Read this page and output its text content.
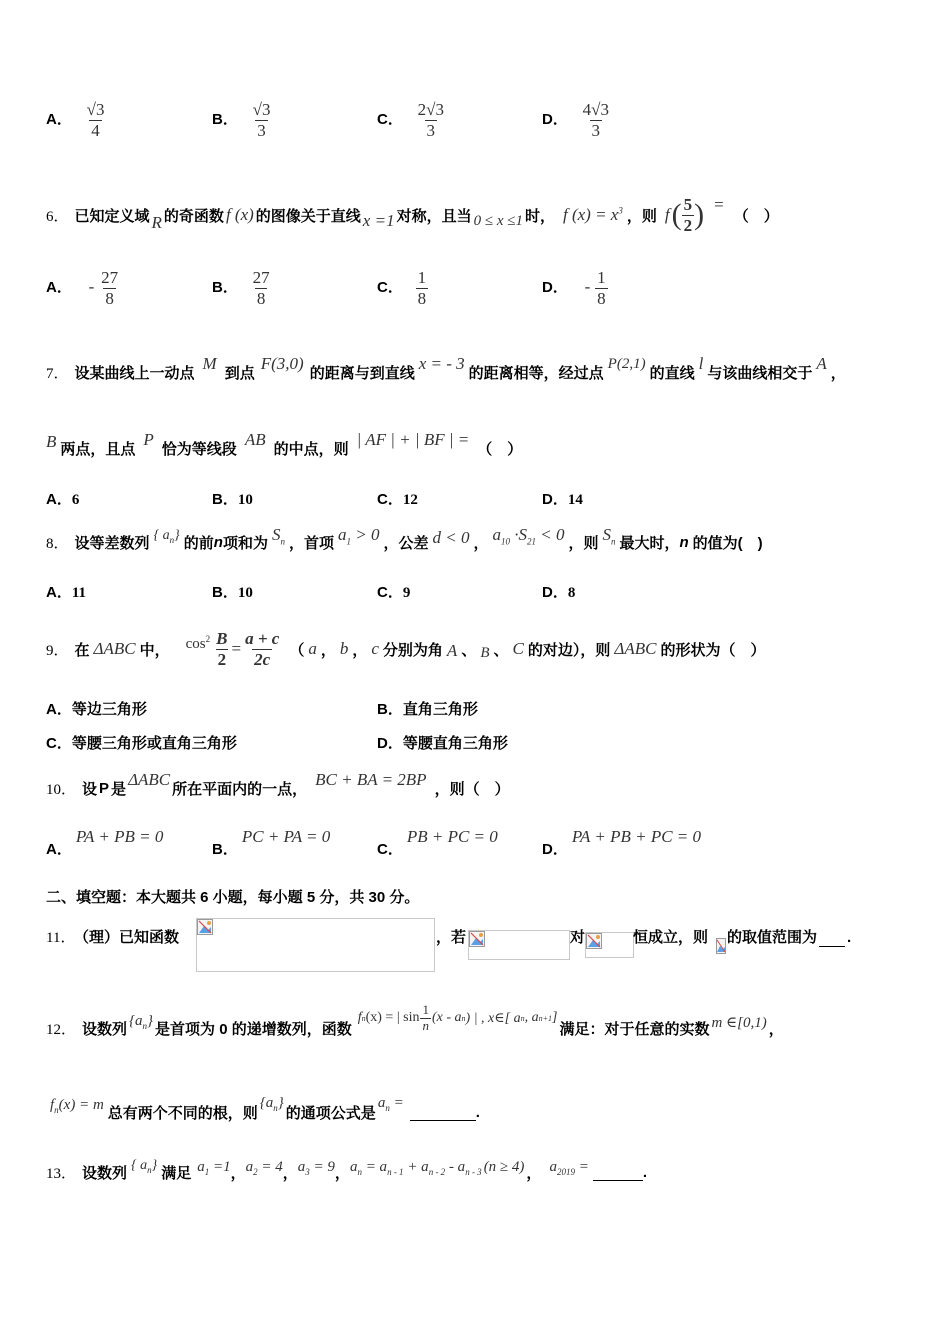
A． $\frac{√3}{4}$	B． $\frac{√3}{3}$	C． $\frac{2√3}{3}$	D． $\frac{4√3}{3}$
6． 已知定义域 R 的奇函数 f (x) 的图像关于直线 x =1 对称，且当 0 ≤ x ≤1 时， f $(x) = x^3$ ，则 f ( $\frac{5}{2}$ ) =
（　）
A． - $\frac{27}{8}$	B． $\frac{27}{8}$	C． $\frac{1}{8}$	D． - $\frac{1}{8}$
7． 设某曲线上一动点 M 到点 F(3,0) 的距离与到直线 x = - 3 的距离相等，经过点
P(2,1)
的直线 l 与该曲线相交于 A ，
B 两点，且点 P 恰为等线段 AB 的中点，则 | AF | + | BF | = （　）
A．6	B．10	C．12	D．14
8． 设等差数列 { $a_n$} 的前 n 项和为 $S_n$ ，首项 $a_1 > 0$ ，公差 d < 0 ， $a_{10} \cdot S_{21} < 0$ ，则 $S_n$ 最大时， n 的值为(　)
A．11	B．10	C．9	D．8
9． 在 ΔABC 中， $\cos^2 \frac{B}{2} = \frac{a + c}{2c}$ （ a ， b ， c 分别为角 A 、 B 、 C 的对边），则 ΔABC 的形状为（　）
A．等边三角形	B．直角三角形
C．等腰三角形或直角三角形	D．等腰直角三角形
10． 设 P 是 ΔABC 所在平面内的一点， BC + BA = 2BP ，则（　）
A．PA + PB = 0
B．PC + PA = 0
C．PB + PC = 0
D．PA + PB + PC = 0
二、填空题：本大题共 6 小题，每小题 5 分，共 30 分。
11． （理）已知函数	，若	对	恒成立，则 的取值范围为 .
12． 设数列 $\{a_n\}$ 是首项为 0 的递增数列，函数
f n (x) = | $\sin \frac{1}{n} (x$ - a n ) | , x∈[ a n , a n+1 ]
满足：对于任意的实数 m ∈[0,1) ，
$f_n(x) = m$ 总有两个不同的根，则
$\{a_n\}$
的通项公式是
$a_n$ =
.
13． 设数列 { $a_n$} 满足 $a_1 =1$ ， $a_2 = 4$ ， $a_3 = 9$ ， $a_n = a_{n - 1} + a_{n - 2} - a_{n - 3}$ (n ≥ 4) ， $a_{2019}$ =	.
